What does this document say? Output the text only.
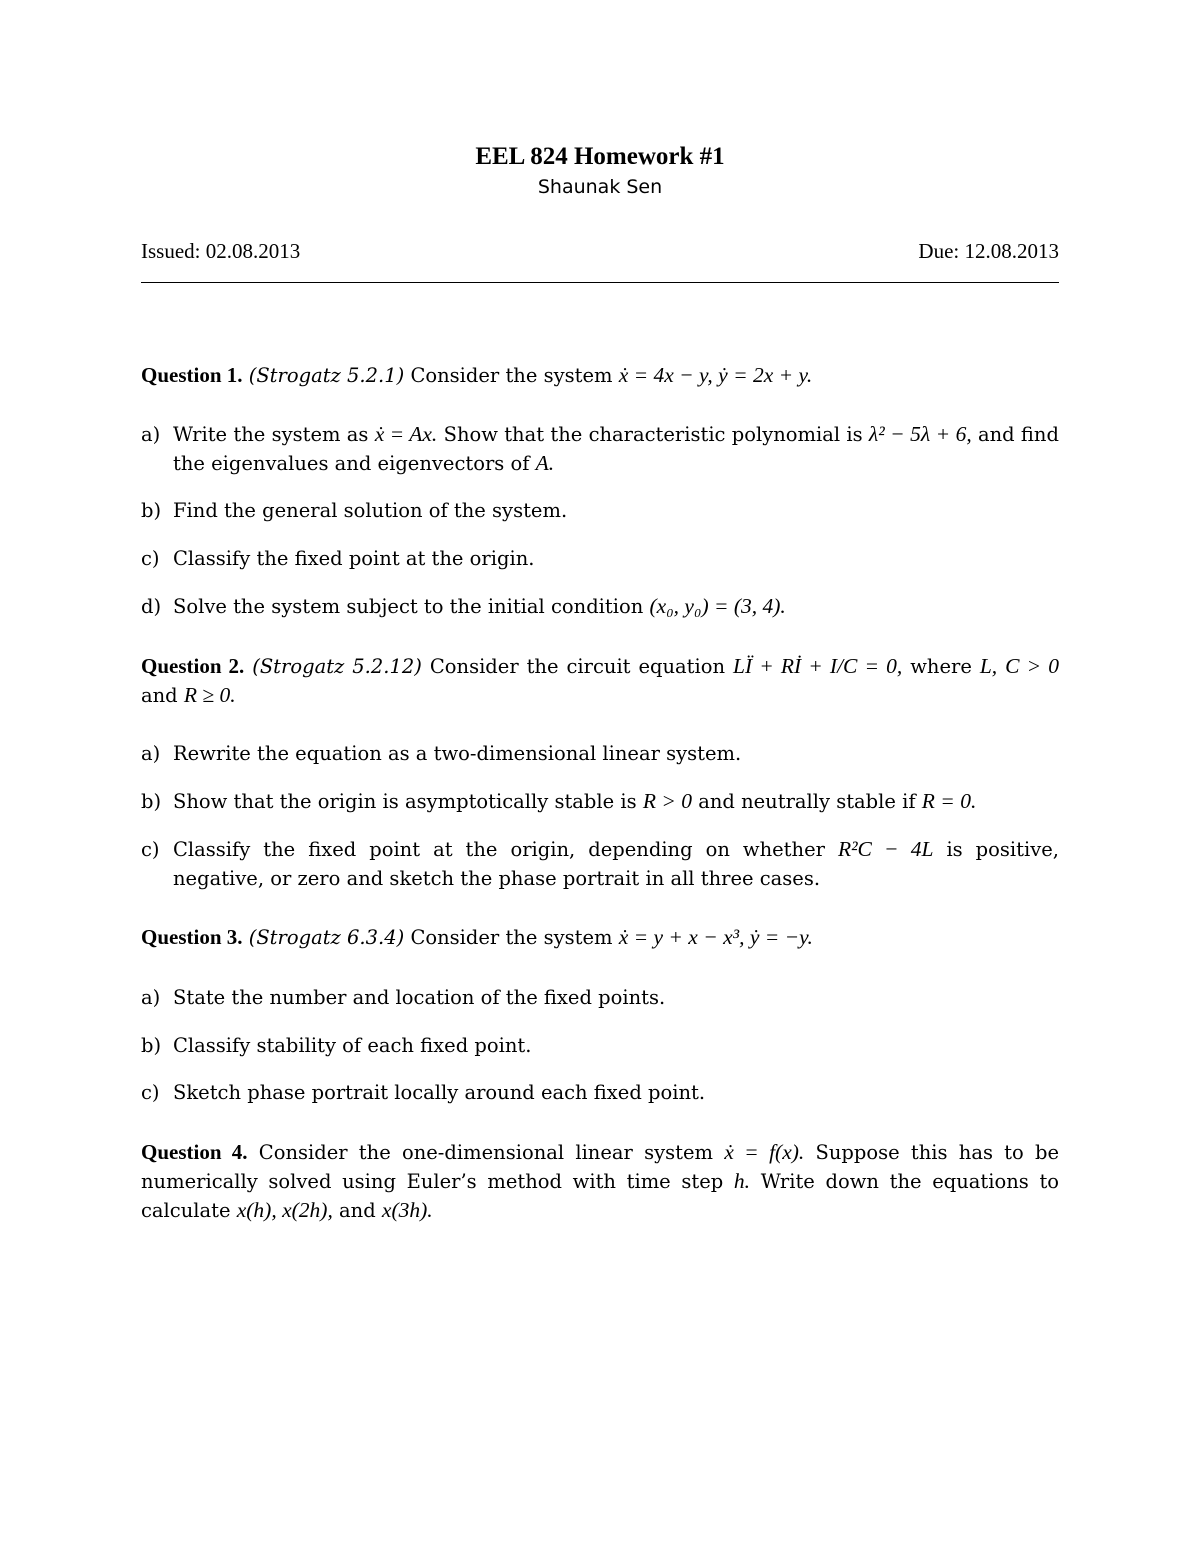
EEL 824 Homework #1
Shaunak Sen
Issued: 02.08.2013	Due: 12.08.2013
Question 1. (Strogatz 5.2.1) Consider the system ẋ = 4x − y, ẏ = 2x + y.
a) Write the system as ẋ = Ax. Show that the characteristic polynomial is λ² − 5λ + 6, and find the eigenvalues and eigenvectors of A.
b) Find the general solution of the system.
c) Classify the fixed point at the origin.
d) Solve the system subject to the initial condition (x₀, y₀) = (3, 4).
Question 2. (Strogatz 5.2.12) Consider the circuit equation LÏ + Rİ + I/C = 0, where L, C > 0 and R ≥ 0.
a) Rewrite the equation as a two-dimensional linear system.
b) Show that the origin is asymptotically stable is R > 0 and neutrally stable if R = 0.
c) Classify the fixed point at the origin, depending on whether R²C − 4L is positive, negative, or zero and sketch the phase portrait in all three cases.
Question 3. (Strogatz 6.3.4) Consider the system ẋ = y + x − x³, ẏ = −y.
a) State the number and location of the fixed points.
b) Classify stability of each fixed point.
c) Sketch phase portrait locally around each fixed point.
Question 4. Consider the one-dimensional linear system ẋ = f(x). Suppose this has to be numerically solved using Euler’s method with time step h. Write down the equations to calculate x(h), x(2h), and x(3h).
